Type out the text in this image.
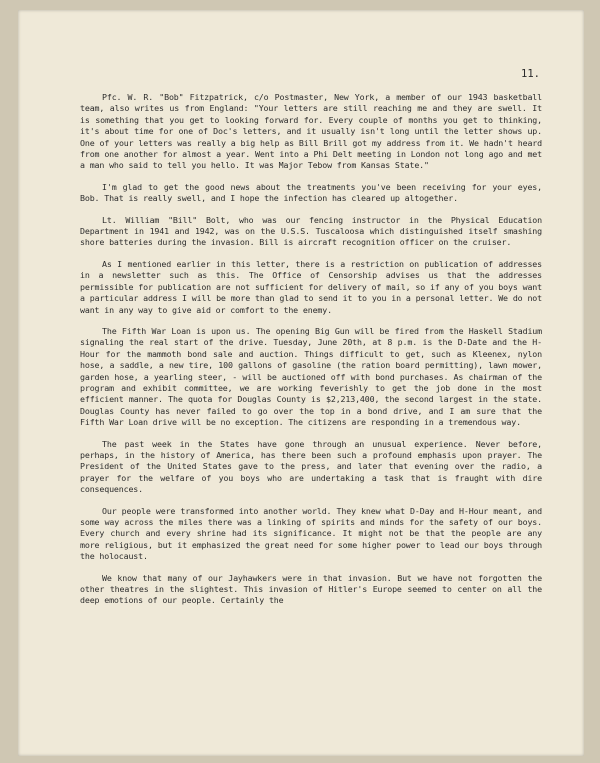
11.

Pfc. W. R. "Bob" Fitzpatrick, c/o Postmaster, New York, a member of our 1943 basketball team, also writes us from England: "Your letters are still reaching me and they are swell. It is something that you get to looking forward for. Every couple of months you get to thinking, it's about time for one of Doc's letters, and it usually isn't long until the letter shows up. One of your letters was really a big help as Bill Brill got my address from it. We hadn't heard from one another for almost a year. Went into a Phi Delt meeting in London not long ago and met a man who said to tell you hello. It was Major Tebow from Kansas State."

I'm glad to get the good news about the treatments you've been receiving for your eyes, Bob. That is really swell, and I hope the infection has cleared up altogether.

Lt. William "Bill" Bolt, who was our fencing instructor in the Physical Education Department in 1941 and 1942, was on the U.S.S. Tuscaloosa which distinguished itself smashing shore batteries during the invasion. Bill is aircraft recognition officer on the cruiser.

As I mentioned earlier in this letter, there is a restriction on publication of addresses in a newsletter such as this. The Office of Censorship advises us that the addresses permissible for publication are not sufficient for delivery of mail, so if any of you boys want a particular address I will be more than glad to send it to you in a personal letter. We do not want in any way to give aid or comfort to the enemy.

The Fifth War Loan is upon us. The opening Big Gun will be fired from the Haskell Stadium signaling the real start of the drive. Tuesday, June 20th, at 8 p.m. is the D-Date and the H-Hour for the mammoth bond sale and auction. Things difficult to get, such as Kleenex, nylon hose, a saddle, a new tire, 100 gallons of gasoline (the ration board permitting), lawn mower, garden hose, a yearling steer, - will be auctioned off with bond purchases. As chairman of the program and exhibit committee, we are working feverishly to get the job done in the most efficient manner. The quota for Douglas County is $2,213,400, the second largest in the state. Douglas County has never failed to go over the top in a bond drive, and I am sure that the Fifth War Loan drive will be no exception. The citizens are responding in a tremendous way.

The past week in the States have gone through an unusual experience. Never before, perhaps, in the history of America, has there been such a profound emphasis upon prayer. The President of the United States gave to the press, and later that evening over the radio, a prayer for the welfare of you boys who are undertaking a task that is fraught with dire consequences.

Our people were transformed into another world. They knew what D-Day and H-Hour meant, and some way across the miles there was a linking of spirits and minds for the safety of our boys. Every church and every shrine had its significance. It might not be that the people are any more religious, but it emphasized the great need for some higher power to lead our boys through the holocaust.

We know that many of our Jayhawkers were in that invasion. But we have not forgotten the other theatres in the slightest. This invasion of Hitler's Europe seemed to center on all the deep emotions of our people. Certainly the
